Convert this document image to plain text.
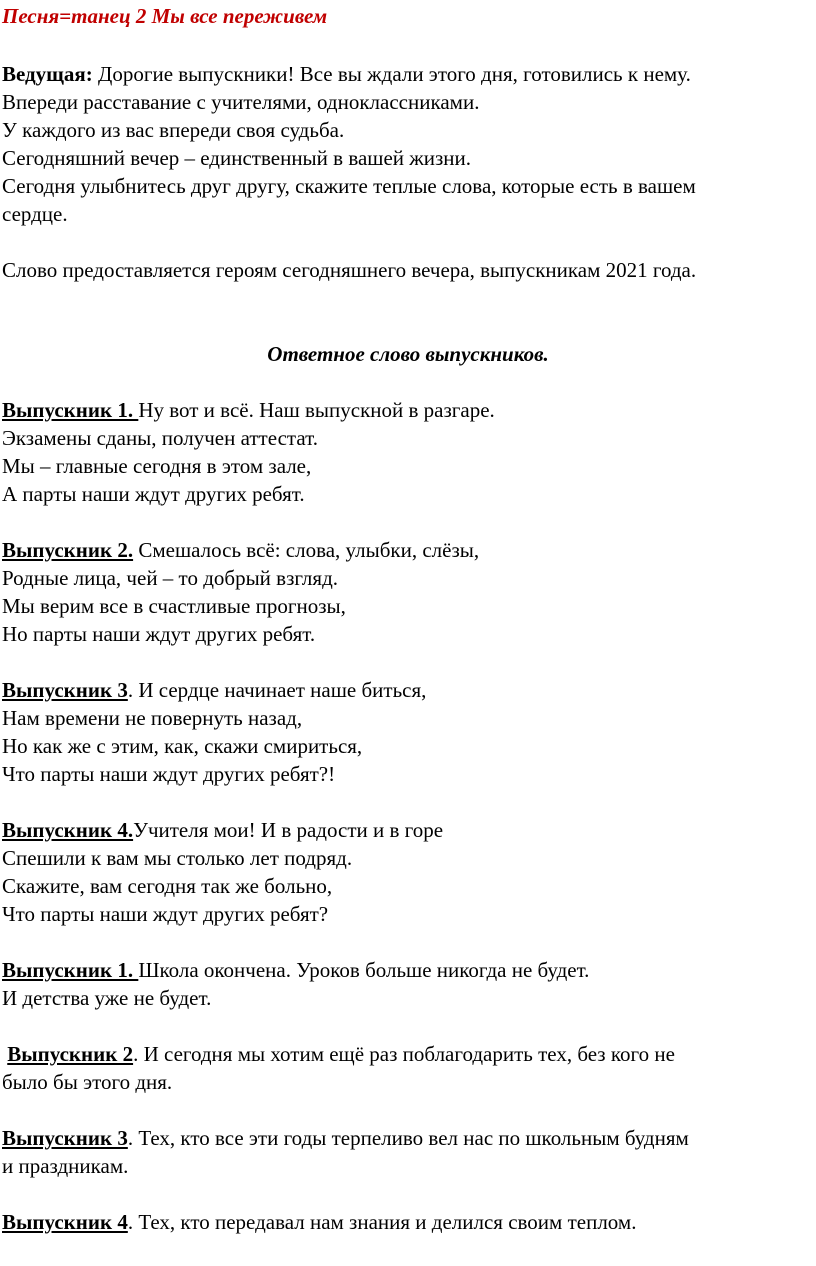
Песня=танец 2 Мы все переживем
Ведущая: Дорогие выпускники! Все вы ждали этого дня, готовились к нему.
Впереди расставание с учителями, одноклассниками.
У каждого из вас впереди своя судьба.
Сегодняшний вечер – единственный в вашей жизни.
Сегодня улыбнитесь друг другу, скажите теплые слова, которые есть в вашем
сердце.
Слово предоставляется героям сегодняшнего вечера, выпускникам 2021 года.
Ответное слово выпускников.
Выпускник 1. Ну вот и всё. Наш выпускной в разгаре.
Экзамены сданы, получен аттестат.
Мы – главные сегодня в этом зале,
А парты наши ждут других ребят.
Выпускник 2. Смешалось всё: слова, улыбки, слёзы,
Родные лица, чей – то добрый взгляд.
Мы верим все в счастливые прогнозы,
Но парты наши ждут других ребят.
Выпускник 3. И сердце начинает наше биться,
Нам времени не повернуть назад,
Но как же с этим, как, скажи смириться,
Что парты наши ждут других ребят?!
Выпускник 4.Учителя мои! И в радости и в горе
Спешили к вам мы столько лет подряд.
Скажите, вам сегодня так же больно,
Что парты наши ждут других ребят?
Выпускник 1. Школа окончена. Уроков больше никогда не будет.
И детства уже не будет.
Выпускник 2. И сегодня мы хотим ещё раз поблагодарить тех, без кого не
было бы этого дня.
Выпускник 3. Тех, кто все эти годы терпеливо вел нас по школьным будням
и праздникам.
Выпускник 4. Тех, кто передавал нам знания и делился своим теплом.
